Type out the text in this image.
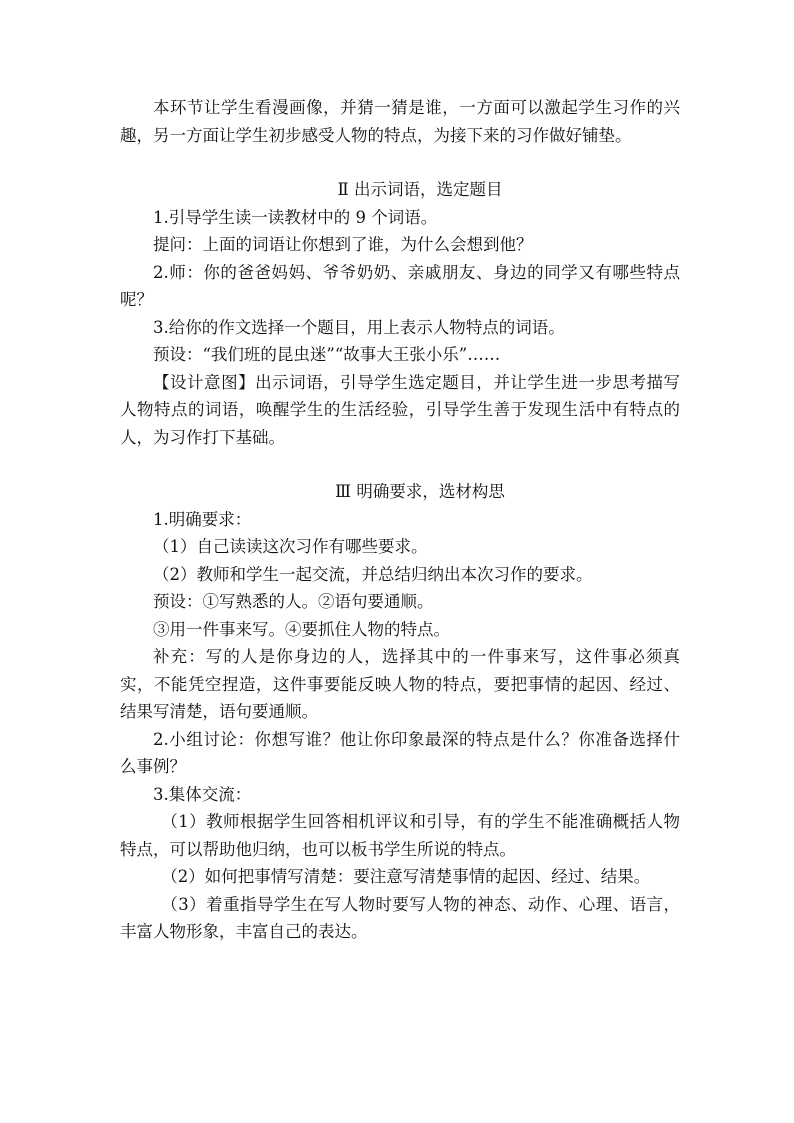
本环节让学生看漫画像，并猜一猜是谁，一方面可以激起学生习作的兴趣，另一方面让学生初步感受人物的特点，为接下来的习作做好铺垫。

Ⅱ 出示词语，选定题目

1.引导学生读一读教材中的 9 个词语。

提问：上面的词语让你想到了谁，为什么会想到他？

2.师：你的爸爸妈妈、爷爷奶奶、亲戚朋友、身边的同学又有哪些特点呢？

3.给你的作文选择一个题目，用上表示人物特点的词语。

预设：“我们班的昆虫迷”“故事大王张小乐”……

【设计意图】出示词语，引导学生选定题目，并让学生进一步思考描写人物特点的词语，唤醒学生的生活经验，引导学生善于发现生活中有特点的人，为习作打下基础。

Ⅲ 明确要求，选材构思

1.明确要求：

（1）自己读读这次习作有哪些要求。

（2）教师和学生一起交流，并总结归纳出本次习作的要求。

预设：①写熟悉的人。②语句要通顺。

③用一件事来写。④要抓住人物的特点。

补充：写的人是你身边的人，选择其中的一件事来写，这件事必须真实，不能凭空捏造，这件事要能反映人物的特点，要把事情的起因、经过、结果写清楚，语句要通顺。

2.小组讨论：你想写谁？他让你印象最深的特点是什么？你准备选择什么事例？

3.集体交流：

（1）教师根据学生回答相机评议和引导，有的学生不能准确概括人物特点，可以帮助他归纳，也可以板书学生所说的特点。

（2）如何把事情写清楚：要注意写清楚事情的起因、经过、结果。

（3）着重指导学生在写人物时要写人物的神态、动作、心理、语言，丰富人物形象，丰富自己的表达。
